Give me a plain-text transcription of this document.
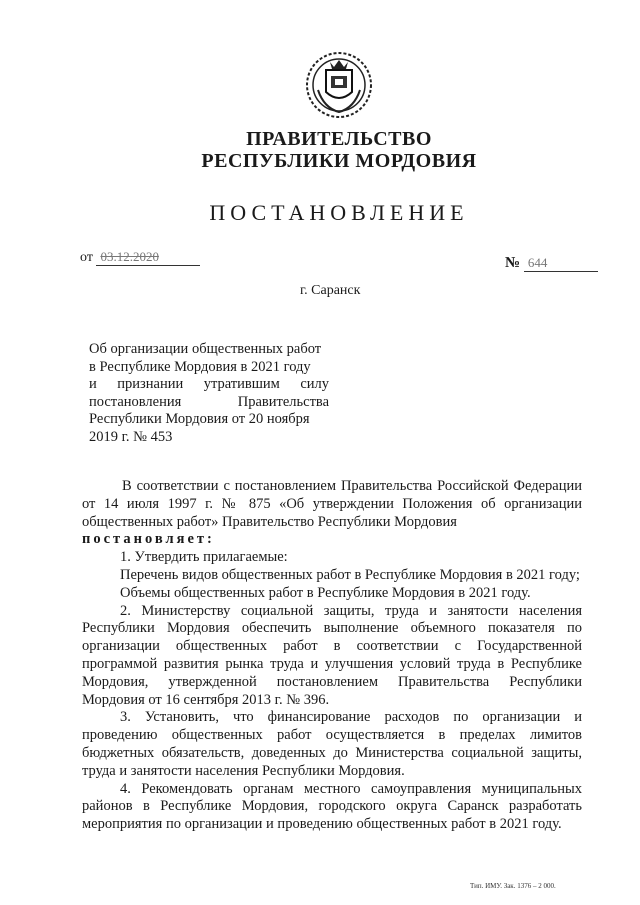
ПРАВИТЕЛЬСТВО
РЕСПУБЛИКИ МОРДОВИЯ
ПОСТАНОВЛЕНИЕ
от 03.12.2020	№ 644
г. Саранск
Об организации общественных работ
в Республике Мордовия в 2021 году
и признании утратившим силу
постановления Правительства
Республики Мордовия от 20 ноября
2019 г. № 453

В соответствии с постановлением Правительства Российской Федерации от 14 июля 1997 г. № 875 «Об утверждении Положения об организации общественных работ» Правительство Республики Мордовия

постановляет:

1. Утвердить прилагаемые:

Перечень видов общественных работ в Республике Мордовия в 2021 году;

Объемы общественных работ в Республике Мордовия в 2021 году.

2. Министерству социальной защиты, труда и занятости населения Республики Мордовия обеспечить выполнение объемного показателя по организации общественных работ в соответствии с Государственной программой развития рынка труда и улучшения условий труда в Республике Мордовия, утвержденной постановлением Правительства Республики Мордовия от 16 сентября 2013 г. № 396.

3. Установить, что финансирование расходов по организации и проведению общественных работ осуществляется в пределах лимитов бюджетных обязательств, доведенных до Министерства социальной защиты, труда и занятости населения Республики Мордовия.

4. Рекомендовать органам местного самоуправления муниципальных районов в Республике Мордовия, городского округа Саранск разработать мероприятия по организации и проведению общественных работ в 2021 году.

Тип. ИМУ. Зак. 1376 – 2 000.
